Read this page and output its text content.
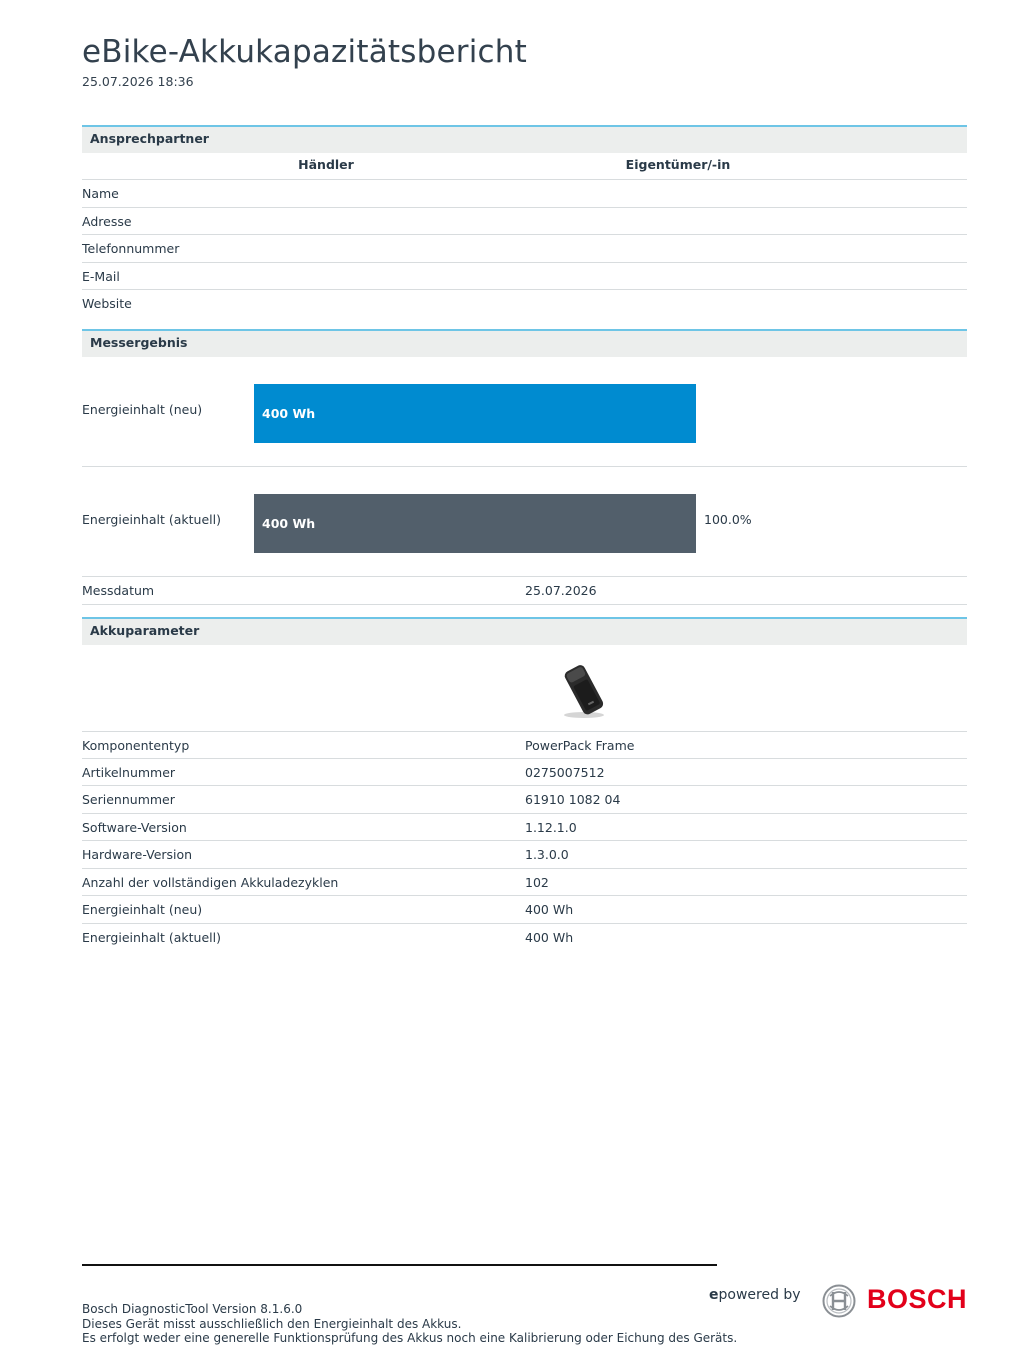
eBike-Akkukapazitätsbericht
25.07.2026 18:36
Ansprechpartner
Händler	Eigentümer/-in
Name
Adresse
Telefonnummer
E-Mail
Website
Messergebnis
Energieinhalt (neu)	400 Wh
Energieinhalt (aktuell)	400 Wh	100.0%
Messdatum	25.07.2026
Akkuparameter
Komponententyp	PowerPack Frame
Artikelnummer	0275007512
Seriennummer	61910 1082 04
Software-Version	1.12.1.0
Hardware-Version	1.3.0.0
Anzahl der vollständigen Akkuladezyklen	102
Energieinhalt (neu)	400 Wh
Energieinhalt (aktuell)	400 Wh
Bosch DiagnosticTool Version 8.1.6.0
Dieses Gerät misst ausschließlich den Energieinhalt des Akkus.
Es erfolgt weder eine generelle Funktionsprüfung des Akkus noch eine Kalibrierung oder Eichung des Geräts.
epowered by BOSCH
